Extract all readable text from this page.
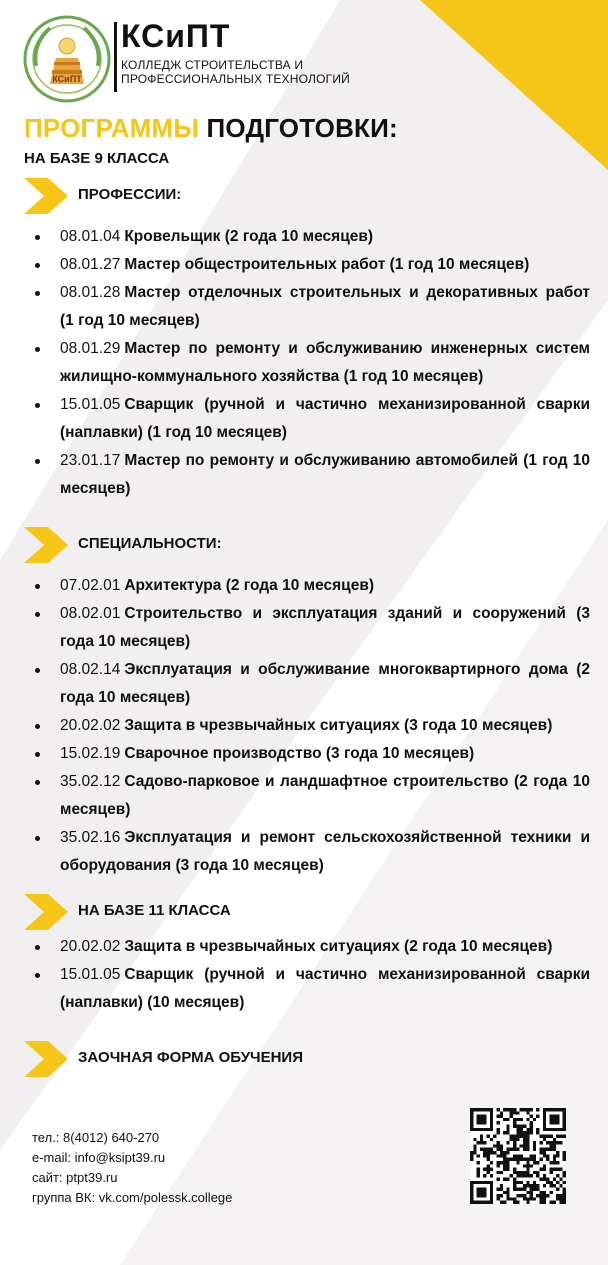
КСиПТ
КСиПТ
КОЛЛЕДЖ СТРОИТЕЛЬСТВА И
ПРОФЕССИОНАЛЬНЫХ ТЕХНОЛОГИЙ
ПРОГРАММЫ ПОДГОТОВКИ:
НА БАЗЕ 9 КЛАССА
ПРОФЕССИИ:
08.01.04 Кровельщик (2 года 10 месяцев)
08.01.27 Мастер общестроительных работ (1 год 10 месяцев)
08.01.28 Мастер отделочных строительных и декоративных работ (1 год 10 месяцев)
08.01.29 Мастер по ремонту и обслуживанию инженерных систем жилищно-коммунального хозяйства (1 год 10 месяцев)
15.01.05 Сварщик (ручной и частично механизированной сварки (наплавки) (1 год 10 месяцев)
23.01.17 Мастер по ремонту и обслуживанию автомобилей (1 год 10 месяцев)
СПЕЦИАЛЬНОСТИ:
07.02.01 Архитектура (2 года 10 месяцев)
08.02.01 Строительство и эксплуатация зданий и сооружений (3 года 10 месяцев)
08.02.14 Эксплуатация и обслуживание многоквартирного дома (2 года 10 месяцев)
20.02.02 Защита в чрезвычайных ситуациях (3 года 10 месяцев)
15.02.19 Сварочное производство (3 года 10 месяцев)
35.02.12 Садово-парковое и ландшафтное строительство (2 года 10 месяцев)
35.02.16 Эксплуатация и ремонт сельскохозяйственной техники и оборудования (3 года 10 месяцев)
НА БАЗЕ 11 КЛАССА
20.02.02 Защита в чрезвычайных ситуациях (2 года 10 месяцев)
15.01.05 Сварщик (ручной и частично механизированной сварки (наплавки) (10 месяцев)
ЗАОЧНАЯ ФОРМА ОБУЧЕНИЯ
тел.: 8(4012) 640-270
e-mail: info@ksipt39.ru
сайт: ptpt39.ru
группа ВК: vk.com/polessk.college
